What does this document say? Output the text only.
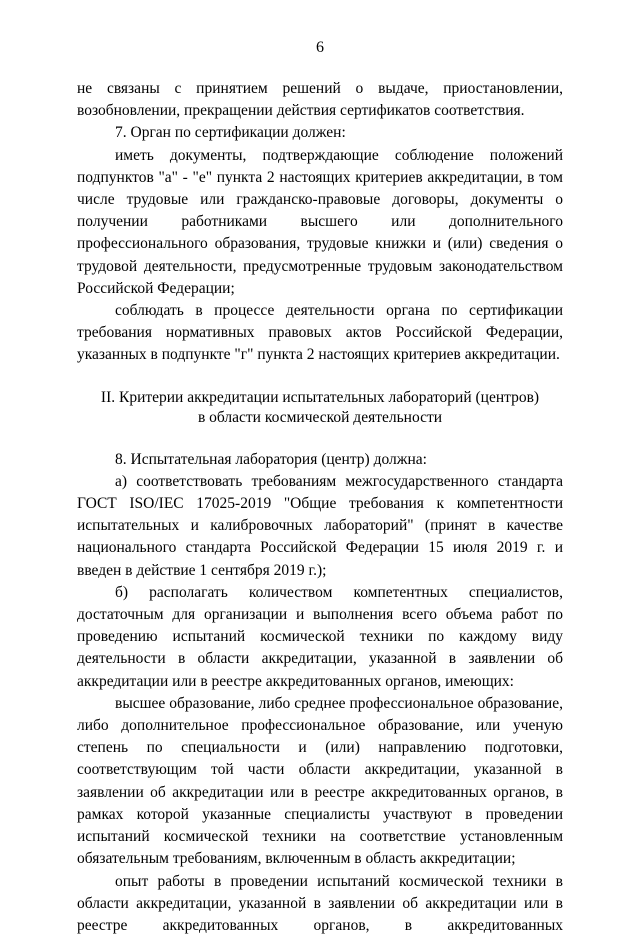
6

не связаны с принятием решений о выдаче, приостановлении, возобновлении, прекращении действия сертификатов соответствия.

7. Орган по сертификации должен:

иметь документы, подтверждающие соблюдение положений подпунктов "а" - "е" пункта 2 настоящих критериев аккредитации, в том числе трудовые или гражданско-правовые договоры, документы о получении работниками высшего или дополнительного профессионального образования, трудовые книжки и (или) сведения о трудовой деятельности, предусмотренные трудовым законодательством Российской Федерации;

соблюдать в процессе деятельности органа по сертификации требования нормативных правовых актов Российской Федерации, указанных в подпункте "г" пункта 2 настоящих критериев аккредитации.

II. Критерии аккредитации испытательных лабораторий (центров)

в области космической деятельности

8. Испытательная лаборатория (центр) должна:

а) соответствовать требованиям межгосударственного стандарта ГОСТ ISO/IEC 17025-2019 "Общие требования к компетентности испытательных и калибровочных лабораторий" (принят в качестве национального стандарта Российской Федерации 15 июля 2019 г. и введен в действие 1 сентября 2019 г.);

б) располагать количеством компетентных специалистов, достаточным для организации и выполнения всего объема работ по проведению испытаний космической техники по каждому виду деятельности в области аккредитации, указанной в заявлении об аккредитации или в реестре аккредитованных органов, имеющих:

высшее образование, либо среднее профессиональное образование, либо дополнительное профессиональное образование, или ученую степень по специальности и (или) направлению подготовки, соответствующим той части области аккредитации, указанной в заявлении об аккредитации или в реестре аккредитованных органов, в рамках которой указанные специалисты участвуют в проведении испытаний космической техники на соответствие установленным обязательным требованиям, включенным в область аккредитации;

опыт работы в проведении испытаний космической техники в области аккредитации, указанной в заявлении об аккредитации или в реестре аккредитованных органов, в аккредитованных
